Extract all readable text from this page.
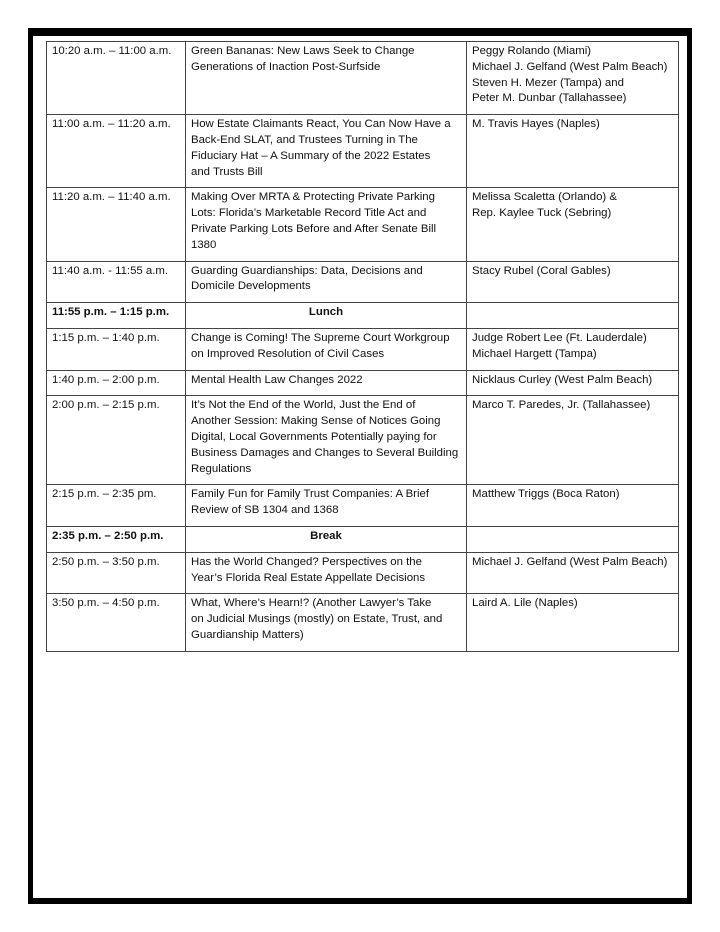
10:20 a.m. – 11:00 a.m.	Green Bananas: New Laws Seek to Change
Generations of Inaction Post-Surfside	Peggy Rolando (Miami)
Michael J. Gelfand (West Palm Beach)
Steven H. Mezer (Tampa) and
Peter M. Dunbar (Tallahassee)

11:00 a.m. – 11:20 a.m.	How Estate Claimants React, You Can Now Have a
Back-End SLAT, and Trustees Turning in The
Fiduciary Hat – A Summary of the 2022 Estates
and Trusts Bill	M. Travis Hayes (Naples)

11:20 a.m. – 11:40 a.m.	Making Over MRTA & Protecting Private Parking
Lots: Florida’s Marketable Record Title Act and
Private Parking Lots Before and After Senate Bill
1380	Melissa Scaletta (Orlando) &
Rep. Kaylee Tuck (Sebring)

11:40 a.m. - 11:55 a.m.	Guarding Guardianships: Data, Decisions and
Domicile Developments	Stacy Rubel (Coral Gables)

11:55 p.m. – 1:15 p.m.	Lunch	
1:15 p.m. – 1:40 p.m.	Change is Coming! The Supreme Court Workgroup
on Improved Resolution of Civil Cases	Judge Robert Lee (Ft. Lauderdale)
Michael Hargett (Tampa)

1:40 p.m. – 2:00 p.m.	Mental Health Law Changes 2022	Nicklaus Curley (West Palm Beach)

2:00 p.m. – 2:15 p.m.	It’s Not the End of the World, Just the End of
Another Session: Making Sense of Notices Going
Digital, Local Governments Potentially paying for
Business Damages and Changes to Several Building
Regulations	Marco T. Paredes, Jr. (Tallahassee)

2:15 p.m. – 2:35 pm.	Family Fun for Family Trust Companies: A Brief
Review of SB 1304 and 1368	Matthew Triggs (Boca Raton)

2:35 p.m. – 2:50 p.m.	Break	
2:50 p.m. – 3:50 p.m.	Has the World Changed? Perspectives on the
Year’s Florida Real Estate Appellate Decisions	Michael J. Gelfand (West Palm Beach)

3:50 p.m. – 4:50 p.m.	What, Where’s Hearn!? (Another Lawyer’s Take
on Judicial Musings (mostly) on Estate, Trust, and
Guardianship Matters)	Laird A. Lile (Naples)
